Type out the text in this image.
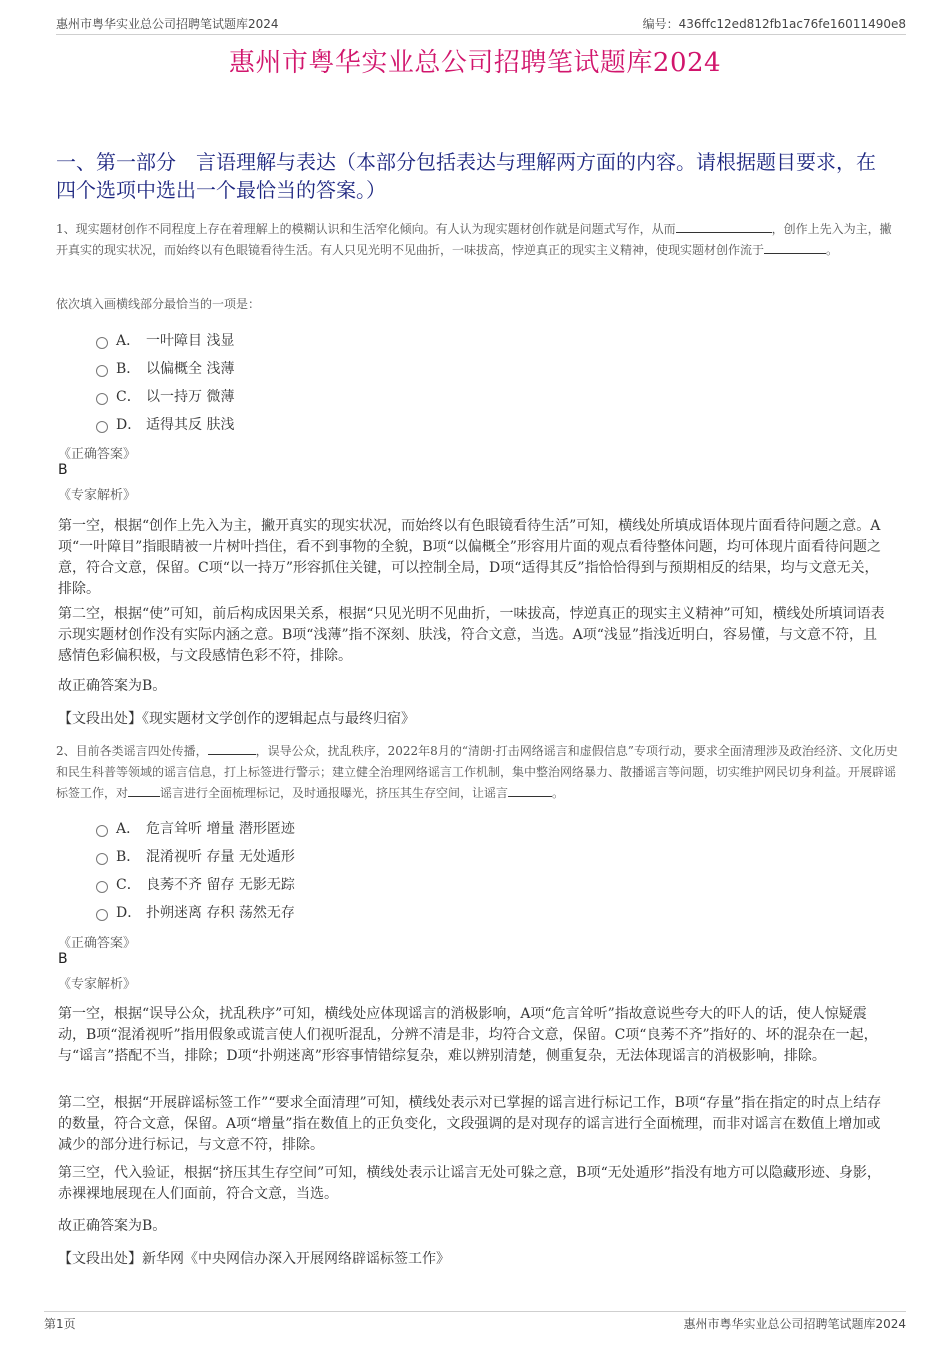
惠州市粤华实业总公司招聘笔试题库2024	编号：436ffc12ed812fb1ac76fe16011490e8
惠州市粤华实业总公司招聘笔试题库2024
一、第一部分　言语理解与表达（本部分包括表达与理解两方面的内容。请根据题目要求，在四个选项中选出一个最恰当的答案。）
1、现实题材创作不同程度上存在着理解上的模糊认识和生活窄化倾向。有人认为现实题材创作就是问题式写作，从而	，创作上先入为主，撇开真实的现实状况，而始终以有色眼镜看待生活。有人只见光明不见曲折，一味拔高，悖逆真正的现实主义精神，使现实题材创作流于	。
依次填入画横线部分最恰当的一项是：
A． 一叶障目 浅显
B． 以偏概全 浅薄
C． 以一持万 微薄
D． 适得其反 肤浅
《正确答案》
B
《专家解析》
第一空，根据“创作上先入为主，撇开真实的现实状况，而始终以有色眼镜看待生活”可知，横线处所填成语体现片面看待问题之意。A项“一叶障目”指眼睛被一片树叶挡住，看不到事物的全貌，B项“以偏概全”形容用片面的观点看待整体问题，均可体现片面看待问题之意，符合文意，保留。C项“以一持万”形容抓住关键，可以控制全局，D项“适得其反”指恰恰得到与预期相反的结果，均与文意无关，排除。
第二空，根据“使”可知，前后构成因果关系，根据“只见光明不见曲折，一味拔高，悖逆真正的现实主义精神”可知，横线处所填词语表示现实题材创作没有实际内涵之意。B项“浅薄”指不深刻、肤浅，符合文意，当选。A项“浅显”指浅近明白，容易懂，与文意不符，且感情色彩偏积极，与文段感情色彩不符，排除。
故正确答案为B。
【文段出处】《现实题材文学创作的逻辑起点与最终归宿》
2、目前各类谣言四处传播，	，误导公众，扰乱秩序，2022年8月的“清朗·打击网络谣言和虚假信息”专项行动，要求全面清理涉及政治经济、文化历史和民生科普等领域的谣言信息，打上标签进行警示；建立健全治理网络谣言工作机制，集中整治网络暴力、散播谣言等问题，切实维护网民切身利益。开展辟谣标签工作，对	谣言进行全面梳理标记，及时通报曝光，挤压其生存空间，让谣言	。
A． 危言耸听 增量 潜形匿迹
B． 混淆视听 存量 无处遁形
C． 良莠不齐 留存 无影无踪
D． 扑朔迷离 存积 荡然无存
《正确答案》
B
《专家解析》
第一空，根据“误导公众，扰乱秩序”可知，横线处应体现谣言的消极影响，A项“危言耸听”指故意说些夸大的吓人的话，使人惊疑震动，B项“混淆视听”指用假象或谎言使人们视听混乱，分辨不清是非，均符合文意，保留。C项“良莠不齐”指好的、坏的混杂在一起，与“谣言”搭配不当，排除；D项“扑朔迷离”形容事情错综复杂，难以辨别清楚，侧重复杂，无法体现谣言的消极影响，排除。
第二空，根据“开展辟谣标签工作”“要求全面清理”可知，横线处表示对已掌握的谣言进行标记工作，B项“存量”指在指定的时点上结存的数量，符合文意，保留。A项“增量”指在数值上的正负变化，文段强调的是对现存的谣言进行全面梳理，而非对谣言在数值上增加或减少的部分进行标记，与文意不符，排除。
第三空，代入验证，根据“挤压其生存空间”可知，横线处表示让谣言无处可躲之意，B项“无处遁形”指没有地方可以隐藏形迹、身影，赤裸裸地展现在人们面前，符合文意，当选。
故正确答案为B。
【文段出处】新华网《中央网信办深入开展网络辟谣标签工作》
第1页	惠州市粤华实业总公司招聘笔试题库2024
